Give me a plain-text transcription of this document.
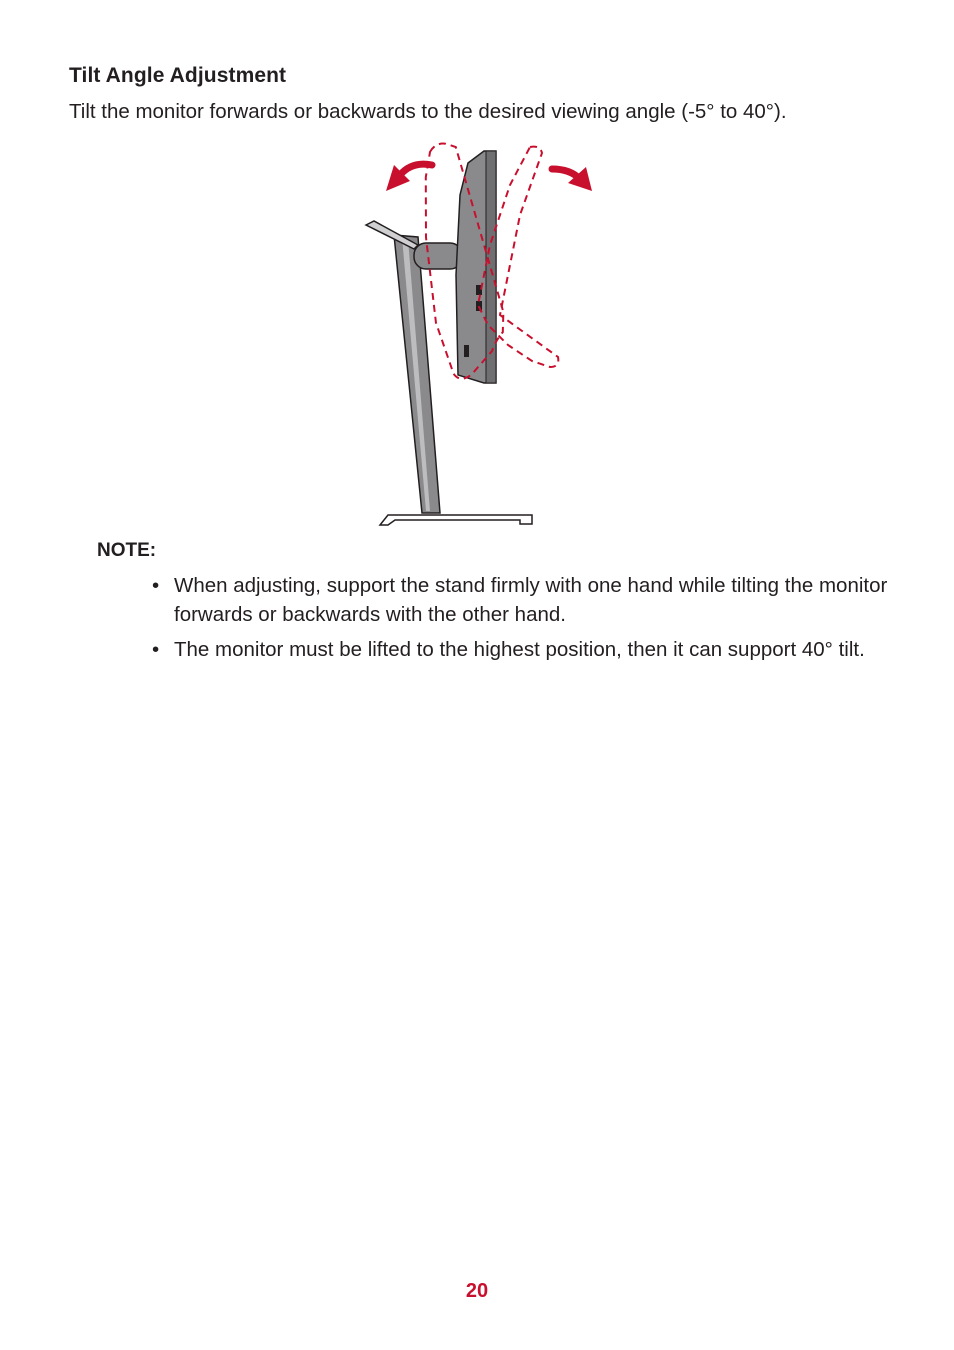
Tilt Angle Adjustment

Tilt the monitor forwards or backwards to the desired viewing angle (-5° to 40°).

NOTE:

• When adjusting, support the stand firmly with one hand while tilting the monitor forwards or backwards with the other hand.
• The monitor must be lifted to the highest position, then it can support 40° tilt.
20
